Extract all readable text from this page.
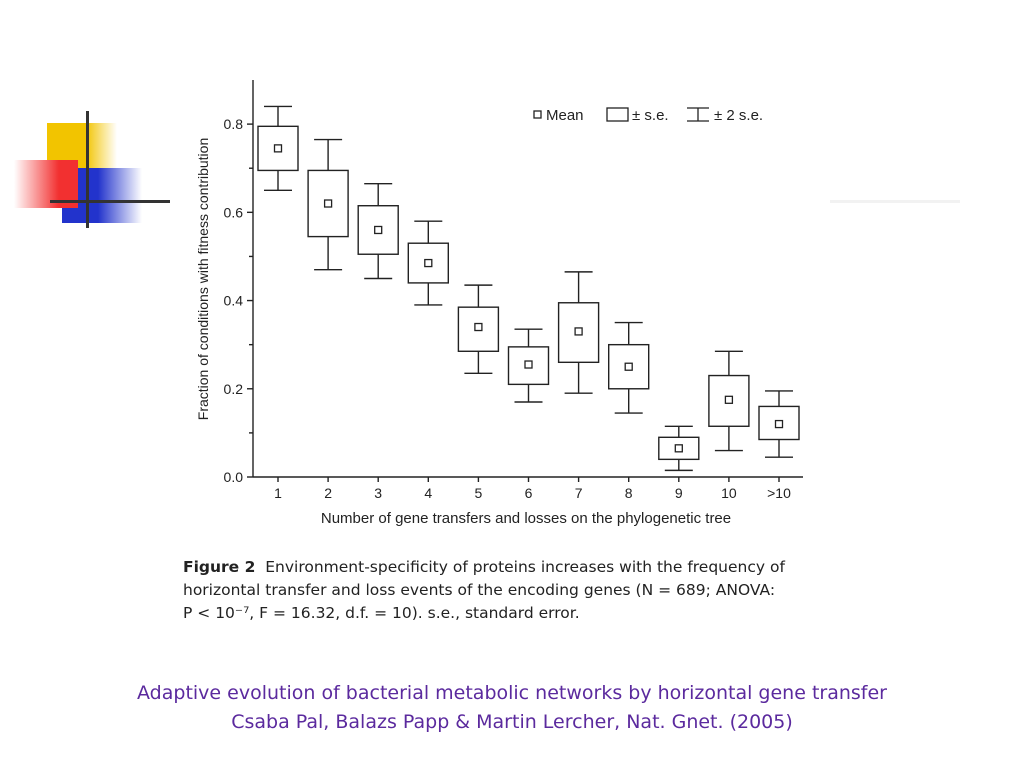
0.0
0.2
0.4
0.6
0.8
1	2	3	4	5	6	7	8	9	10 >10
Fraction of conditions with fitness contribution
Number of gene transfers and losses on the phylogenetic tree
Mean	± s.e.	± 2 s.e.
Figure 2 Environment-specificity of proteins increases with the frequency of
horizontal transfer and loss events of the encoding genes (N = 689; ANOVA:
P < 10⁻⁷, F = 16.32, d.f. = 10). s.e., standard error.
Adaptive evolution of bacterial metabolic networks by horizontal gene transfer
Csaba Pal, Balazs Papp & Martin Lercher, Nat. Gnet. (2005)
